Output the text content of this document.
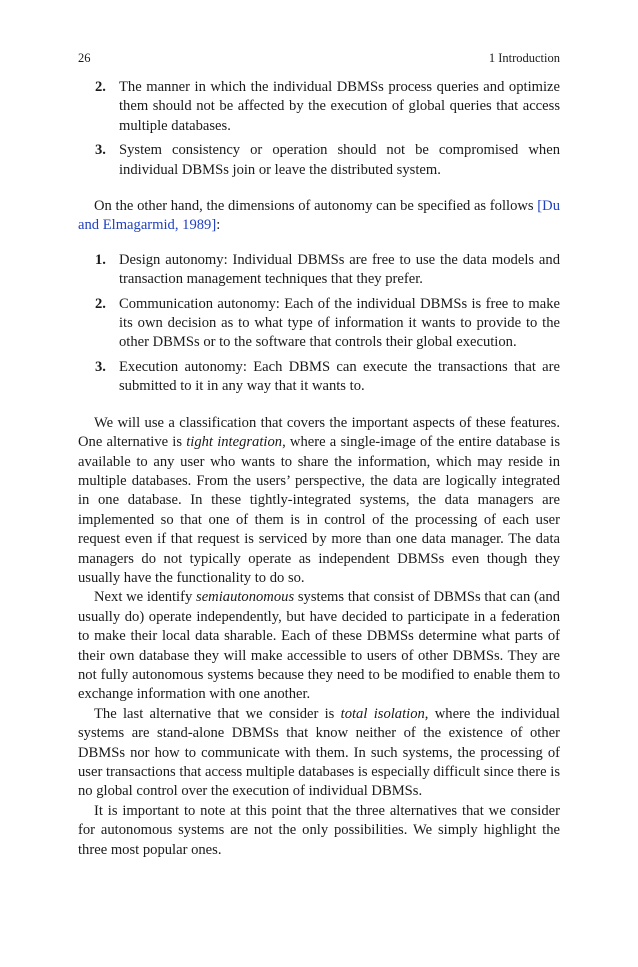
26	1 Introduction
2. The manner in which the individual DBMSs process queries and optimize them should not be affected by the execution of global queries that access multiple databases.
3. System consistency or operation should not be compromised when individual DBMSs join or leave the distributed system.

On the other hand, the dimensions of autonomy can be specified as follows [Du and Elmagarmid, 1989]:

1. Design autonomy: Individual DBMSs are free to use the data models and transaction management techniques that they prefer.
2. Communication autonomy: Each of the individual DBMSs is free to make its own decision as to what type of information it wants to provide to the other DBMSs or to the software that controls their global execution.
3. Execution autonomy: Each DBMS can execute the transactions that are submitted to it in any way that it wants to.

We will use a classification that covers the important aspects of these features. One alternative is tight integration, where a single-image of the entire database is available to any user who wants to share the information, which may reside in multiple databases. From the users’ perspective, the data are logically integrated in one database. In these tightly-integrated systems, the data managers are implemented so that one of them is in control of the processing of each user request even if that request is serviced by more than one data manager. The data managers do not typically operate as independent DBMSs even though they usually have the functionality to do so.

Next we identify semiautonomous systems that consist of DBMSs that can (and usually do) operate independently, but have decided to participate in a federation to make their local data sharable. Each of these DBMSs determine what parts of their own database they will make accessible to users of other DBMSs. They are not fully autonomous systems because they need to be modified to enable them to exchange information with one another.

The last alternative that we consider is total isolation, where the individual systems are stand-alone DBMSs that know neither of the existence of other DBMSs nor how to communicate with them. In such systems, the processing of user transactions that access multiple databases is especially difficult since there is no global control over the execution of individual DBMSs.

It is important to note at this point that the three alternatives that we consider for autonomous systems are not the only possibilities. We simply highlight the three most popular ones.
